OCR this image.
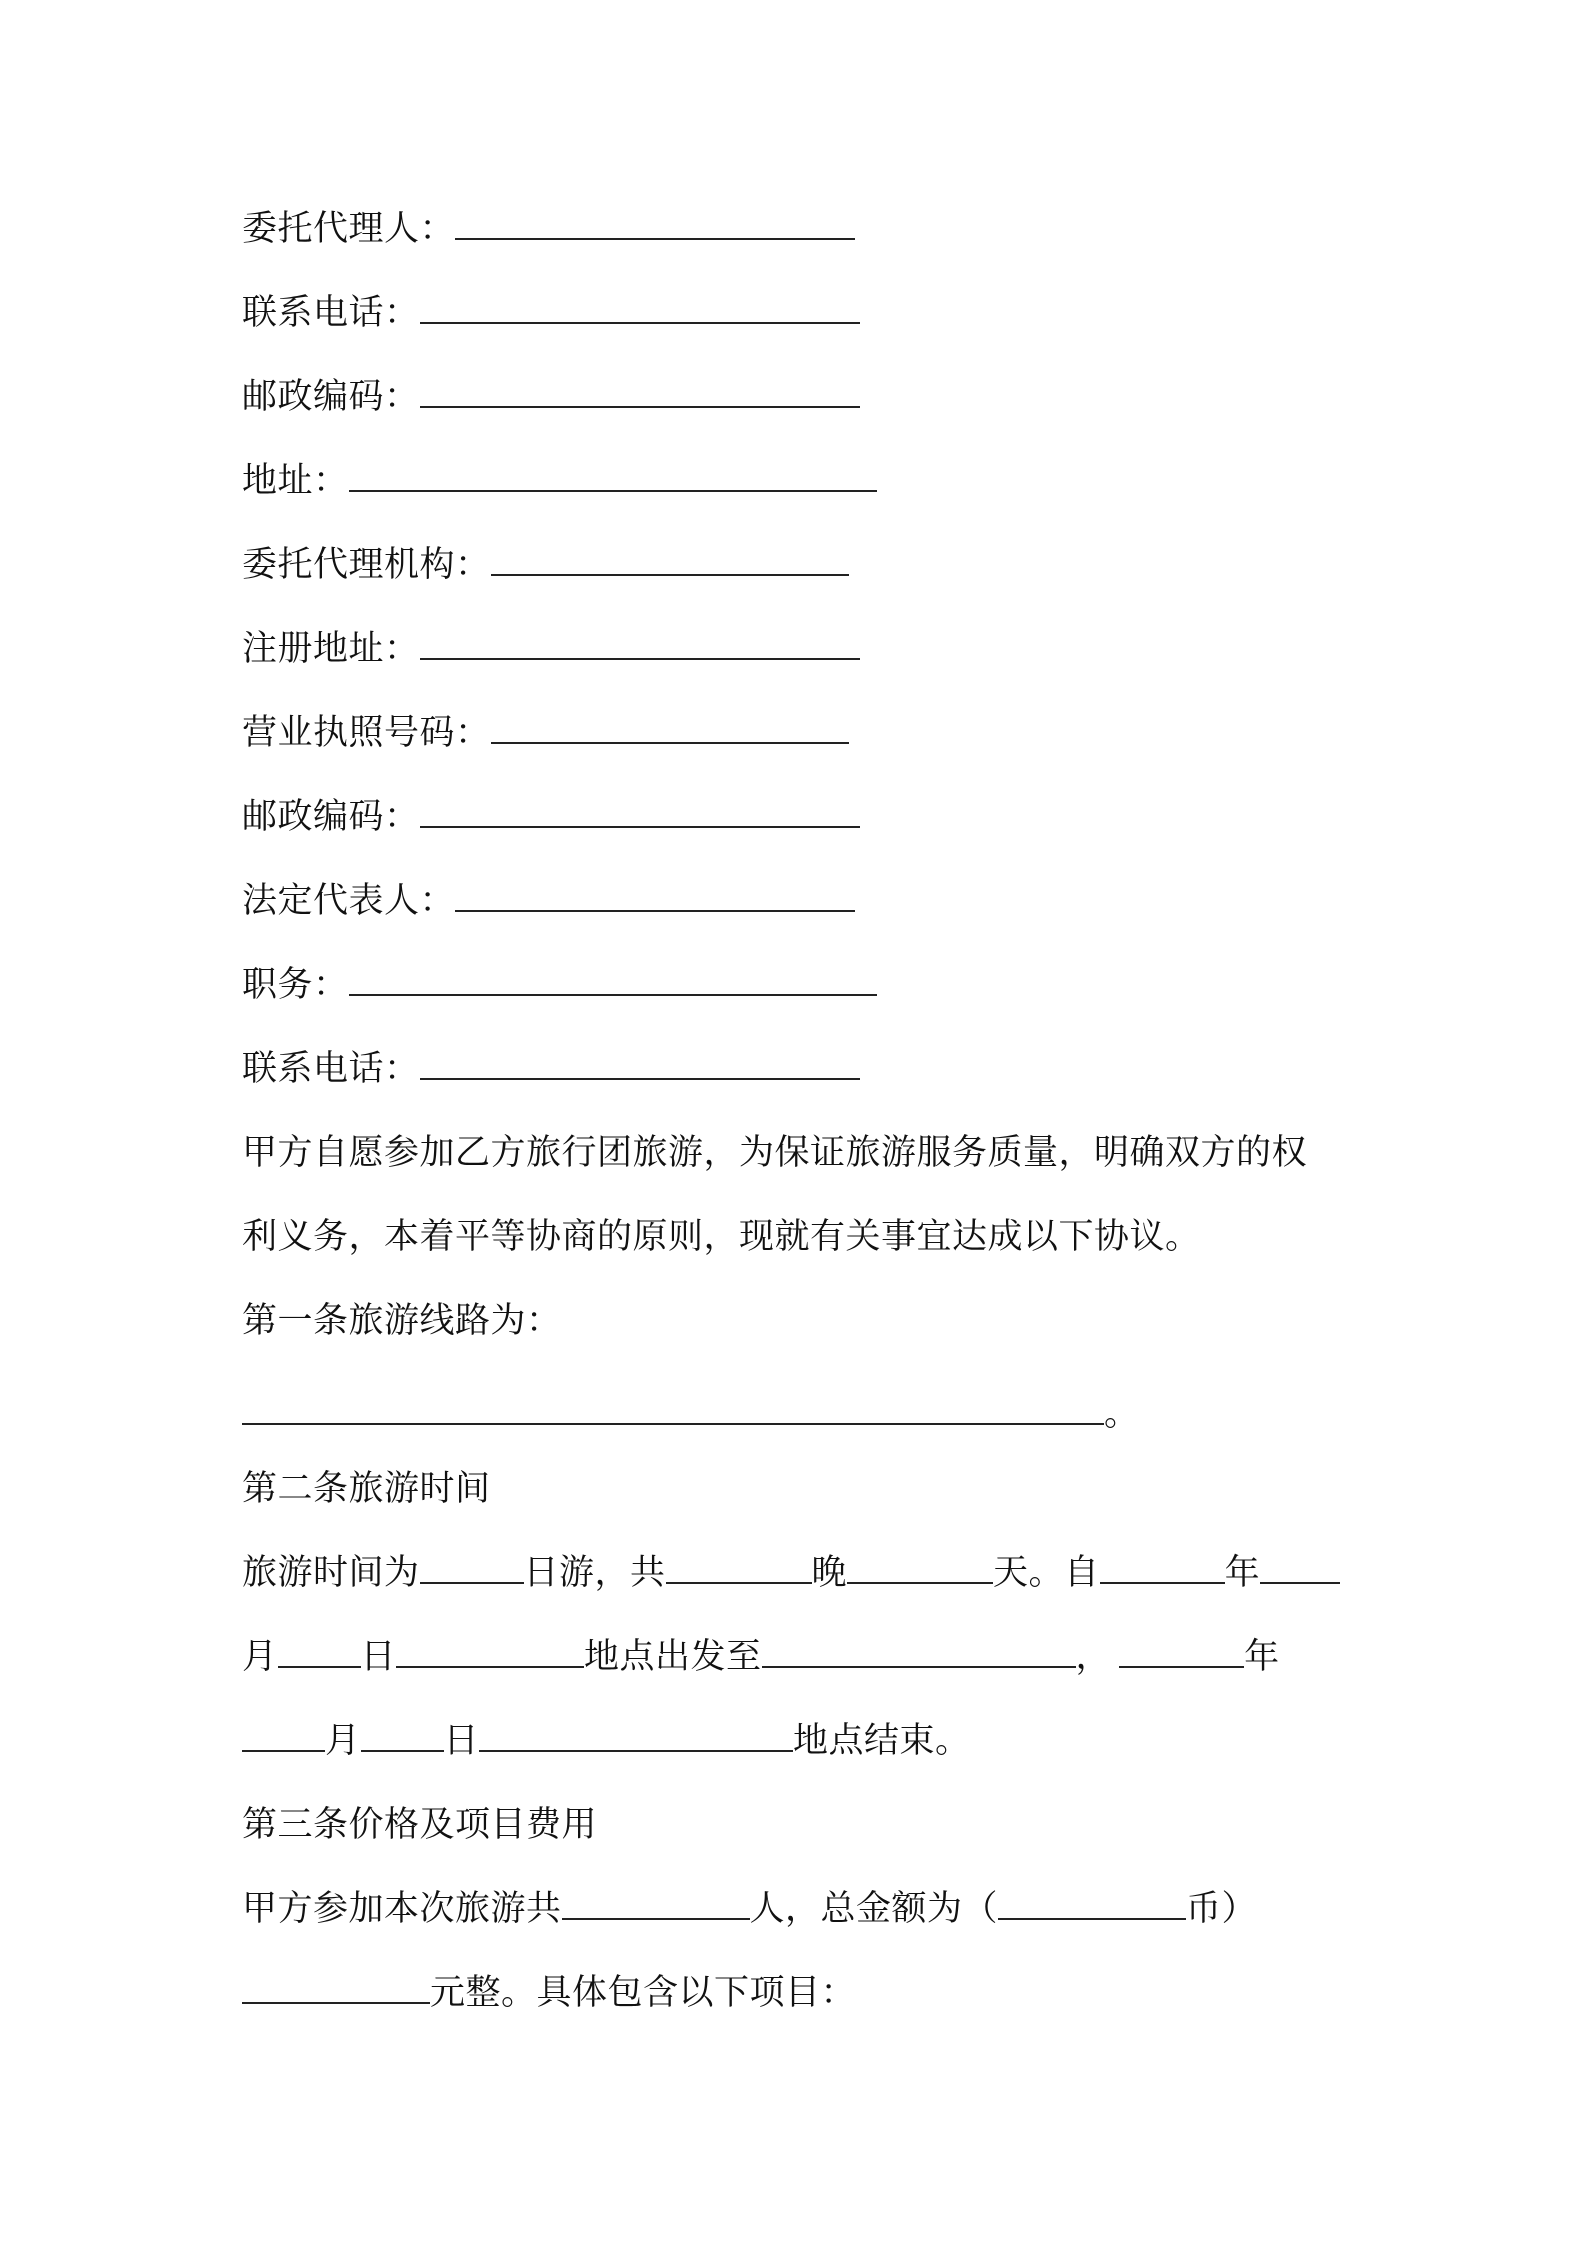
委托代理人：
联系电话：
邮政编码：
地址：
委托代理机构：
注册地址：
营业执照号码：
邮政编码：
法定代表人：
职务：
联系电话：
甲方自愿参加乙方旅行团旅游，为保证旅游服务质量，明确双方的权
利义务，本着平等协商的原则，现就有关事宜达成以下协议。
第一条旅游线路为：
。
第二条旅游时间
旅游时间为	日游，共	晚	天。自	年
月 日	地点出发至	，	年
月 日	地点结束。
第三条价格及项目费用
甲方参加本次旅游共	人，总金额为（	币）
元整。具体包含以下项目：
